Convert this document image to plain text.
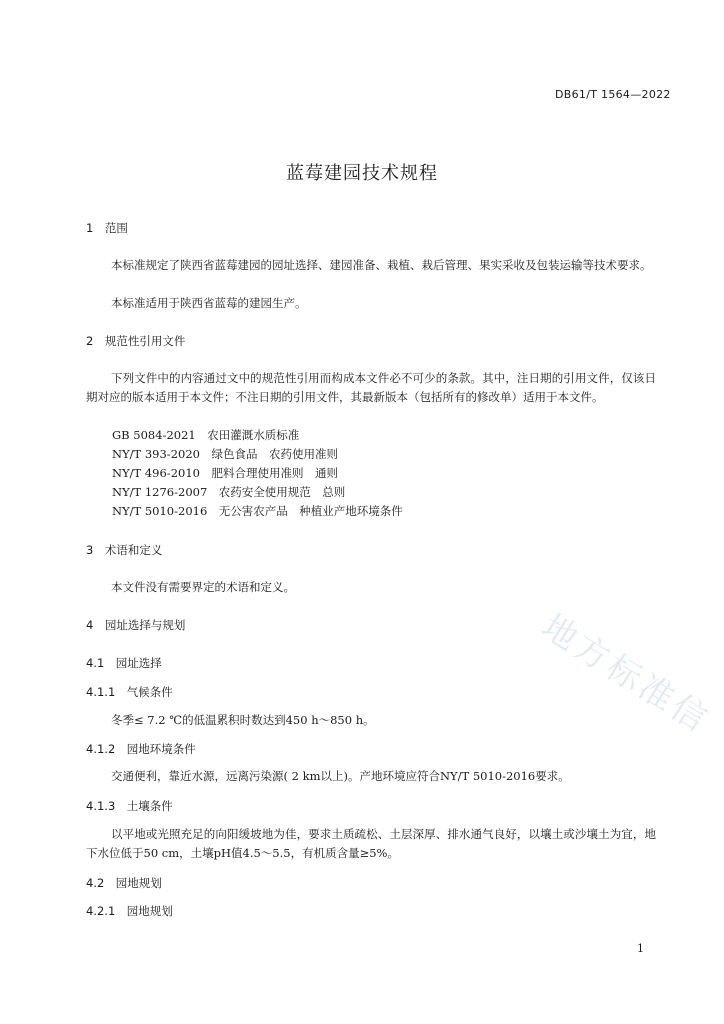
地方标准信
DB61/T 1564—2022
蓝莓建园技术规程
1　范围
本标准规定了陕西省蓝莓建园的园址选择、建园准备、栽植、栽后管理、果实采收及包装运输等技术要求。
本标准适用于陕西省蓝莓的建园生产。
2　规范性引用文件
下列文件中的内容通过文中的规范性引用而构成本文件必不可少的条款。其中，注日期的引用文件，仅该日期对应的版本适用于本文件；不注日期的引用文件，其最新版本（包括所有的修改单）适用于本文件。
GB 5084-2021　农田灌溉水质标准
NY/T 393-2020　绿色食品　农药使用准则
NY/T 496-2010　肥料合理使用准则　通则
NY/T 1276-2007　农药安全使用规范　总则
NY/T 5010-2016　无公害农产品　种植业产地环境条件
3　术语和定义
本文件没有需要界定的术语和定义。
4　园址选择与规划
4.1　园址选择
4.1.1　气候条件
冬季≤ 7.2 ℃的低温累积时数达到450 h～850 h。
4.1.2　园地环境条件
交通便利，靠近水源，远离污染源( 2 km以上)。产地环境应符合NY/T 5010-2016要求。
4.1.3　土壤条件
以平地或光照充足的向阳缓坡地为佳，要求土质疏松、土层深厚、排水通气良好，以壤土或沙壤土为宜，地下水位低于50 cm，土壤pH值4.5～5.5，有机质含量≥5%。
4.2　园地规划
4.2.1　园地规划
1
